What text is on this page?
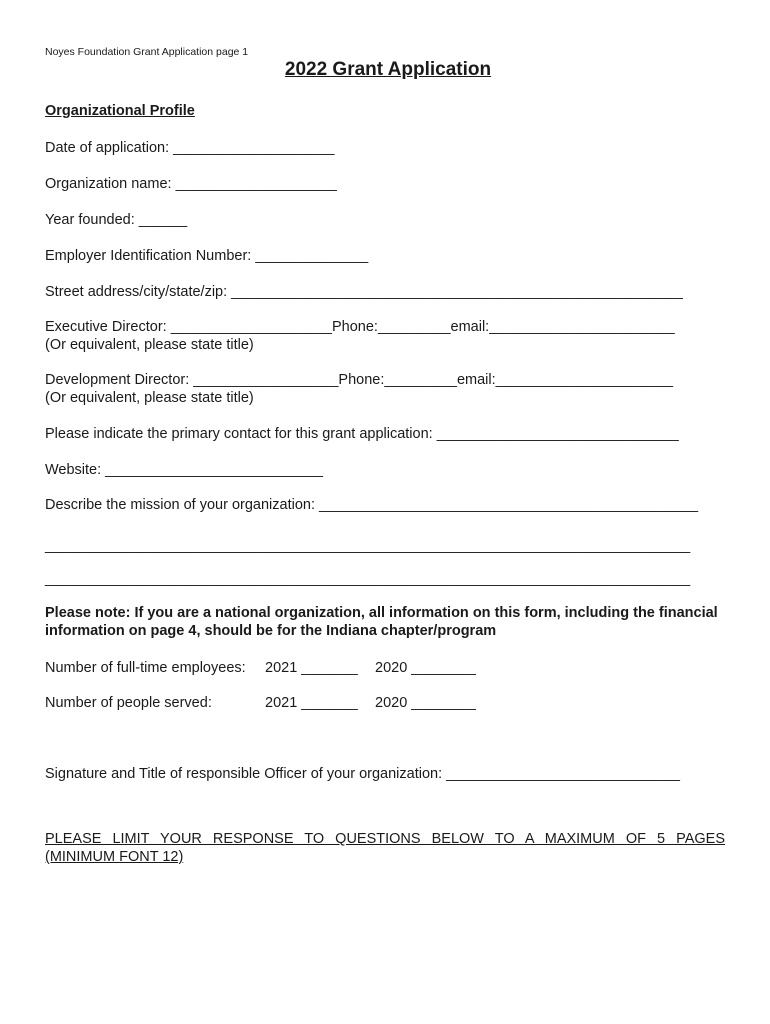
Noyes Foundation Grant Application page 1
2022 Grant Application
Organizational Profile
Date of application: ____________________
Organization name: ____________________
Year founded: ______
Employer Identification Number: ______________
Street address/city/state/zip: ________________________________________________________
Executive Director: ____________________Phone:_________email:_______________________
(Or equivalent, please state title)
Development Director: __________________Phone:_________email:______________________
(Or equivalent, please state title)
Please indicate the primary contact for this grant application: ______________________________
Website: ___________________________
Describe the mission of your organization: _______________________________________________
________________________________________________________________________________
________________________________________________________________________________
Please note: If you are a national organization, all information on this form, including the financial information on page 4, should be for the Indiana chapter/program
Number of full-time employees: 2021 _______ 2020 ________
Number of people served:	2021 _______ 2020 ________
Signature and Title of responsible Officer of your organization: _____________________________
PLEASE LIMIT YOUR RESPONSE TO QUESTIONS BELOW TO A MAXIMUM OF 5 PAGES
(MINIMUM FONT 12)
